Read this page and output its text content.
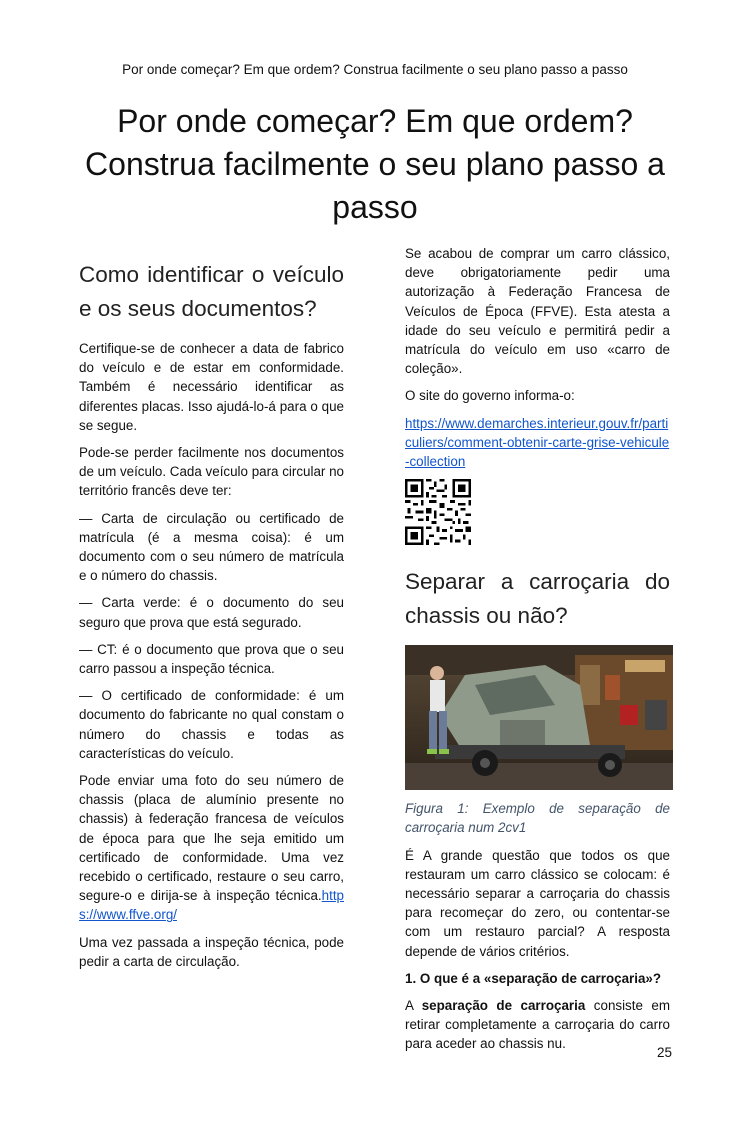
Por onde começar? Em que ordem? Construa facilmente o seu plano passo a passo
Por onde começar? Em que ordem? Construa facilmente o seu plano passo a passo
Como identificar o veículo e os seus documentos?

Certifique-se de conhecer a data de fabrico do veículo e de estar em conformidade. Também é necessário identificar as diferentes placas. Isso ajudá-lo-á para o que se segue.

Pode-se perder facilmente nos documentos de um veículo. Cada veículo para circular no território francês deve ter:

— Carta de circulação ou certificado de matrícula (é a mesma coisa): é um documento com o seu número de matrícula e o número do chassis.

— Carta verde: é o documento do seu seguro que prova que está segurado.

— CT: é o documento que prova que o seu carro passou a inspeção técnica.

— O certificado de conformidade: é um documento do fabricante no qual constam o número do chassis e todas as características do veículo.

Pode enviar uma foto do seu número de chassis (placa de alumínio presente no chassis) à federação francesa de veículos de época para que lhe seja emitido um certificado de conformidade. Uma vez recebido o certificado, restaure o seu carro, segure-o e dirija-se à inspeção técnica.https://www.ffve.org/

Uma vez passada a inspeção técnica, pode pedir a carta de circulação.

Se acabou de comprar um carro clássico, deve obrigatoriamente pedir uma autorização à Federação Francesa de Veículos de Época (FFVE). Esta atesta a idade do seu veículo e permitirá pedir a matrícula do veículo em uso «carro de coleção».

O site do governo informa-o:

https://www.demarches.interieur.gouv.fr/particuliers/comment-obtenir-carte-grise-vehicule-collection

Separar a carroçaria do chassis ou não?

Figura 1: Exemplo de separação de carroçaria num 2cv1

É A grande questão que todos os que restauram um carro clássico se colocam: é necessário separar a carroçaria do chassis para recomeçar do zero, ou contentar-se com um restauro parcial? A resposta depende de vários critérios.

1. O que é a «separação de carroçaria»?

A separação de carroçaria consiste em retirar completamente a carroçaria do carro para aceder ao chassis nu.

25
